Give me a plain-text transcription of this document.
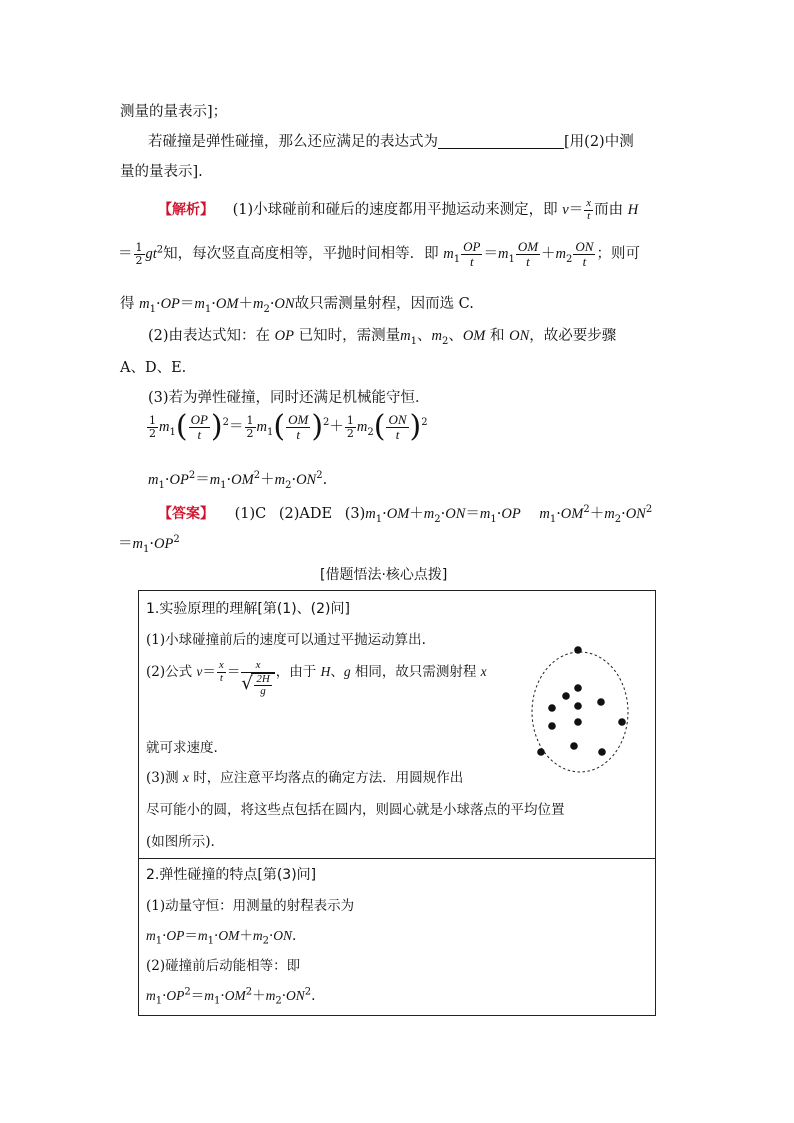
测量的量表示]；
若碰撞是弹性碰撞，那么还应满足的表达式为	[用(2)中测
量的量表示].
【解析】 (1)小球碰前和碰后的速度都用平抛运动来测定，即 $v= \frac{x}{t}$ 而由 H
＝ $\frac{1}{2} gt^2$知，每次竖直高度相等，平抛时间相等．即 $m_1 \frac{OP}{t} =m_1 \frac{OM}{t} +m_2 \frac{ON}{t}$ ；则可
得 $m_1\cdot OP=m_1\cdot OM+m_2\cdot ON$故只需测量射程，因而选 C.
(2)由表达式知：在 OP 已知时，需测量$m_1$、$m_2$、OM 和 ON，故必要步骤
A、D、E.
(3)若为弹性碰撞，同时还满足机械能守恒．
$\frac{1}{2} m_1( \frac{OP}{t} )^2= \frac{1}{2} m_1( \frac{OM}{t} )^2+ \frac{1}{2} m_2( \frac{ON}{t} )^2$
$m_1\cdot OP^2=m_1\cdot OM^2+m_2\cdot ON^2$.
【答案】 (1)C (2)ADE $(3)m_1\cdot OM+m_2\cdot ON=m_1\cdot OP$ $m_1\cdot OM^2+m_2\cdot ON^2$
$=m_1\cdot OP^2$
[借题悟法·核心点拨]
1.实验原理的理解[第(1)、(2)问]
(1)小球碰撞前后的速度可以通过平抛运动算出.
(2)公式 $v= \frac{x}{t} = \frac{x}{√ \frac{2H}{g}}$ ，由于 H、g 相同，故只需测射程 x
就可求速度.
(3)测 x 时，应注意平均落点的确定方法．用圆规作出
尽可能小的圆，将这些点包括在圆内，则圆心就是小球落点的平均位置
(如图所示).
2.弹性碰撞的特点[第(3)问]
(1)动量守恒：用测量的射程表示为
$m_1\cdot OP=m_1\cdot OM+m_2\cdot ON$.
(2)碰撞前后动能相等：即
$m_1\cdot OP^2=m_1\cdot OM^2+m_2\cdot ON^2$.
